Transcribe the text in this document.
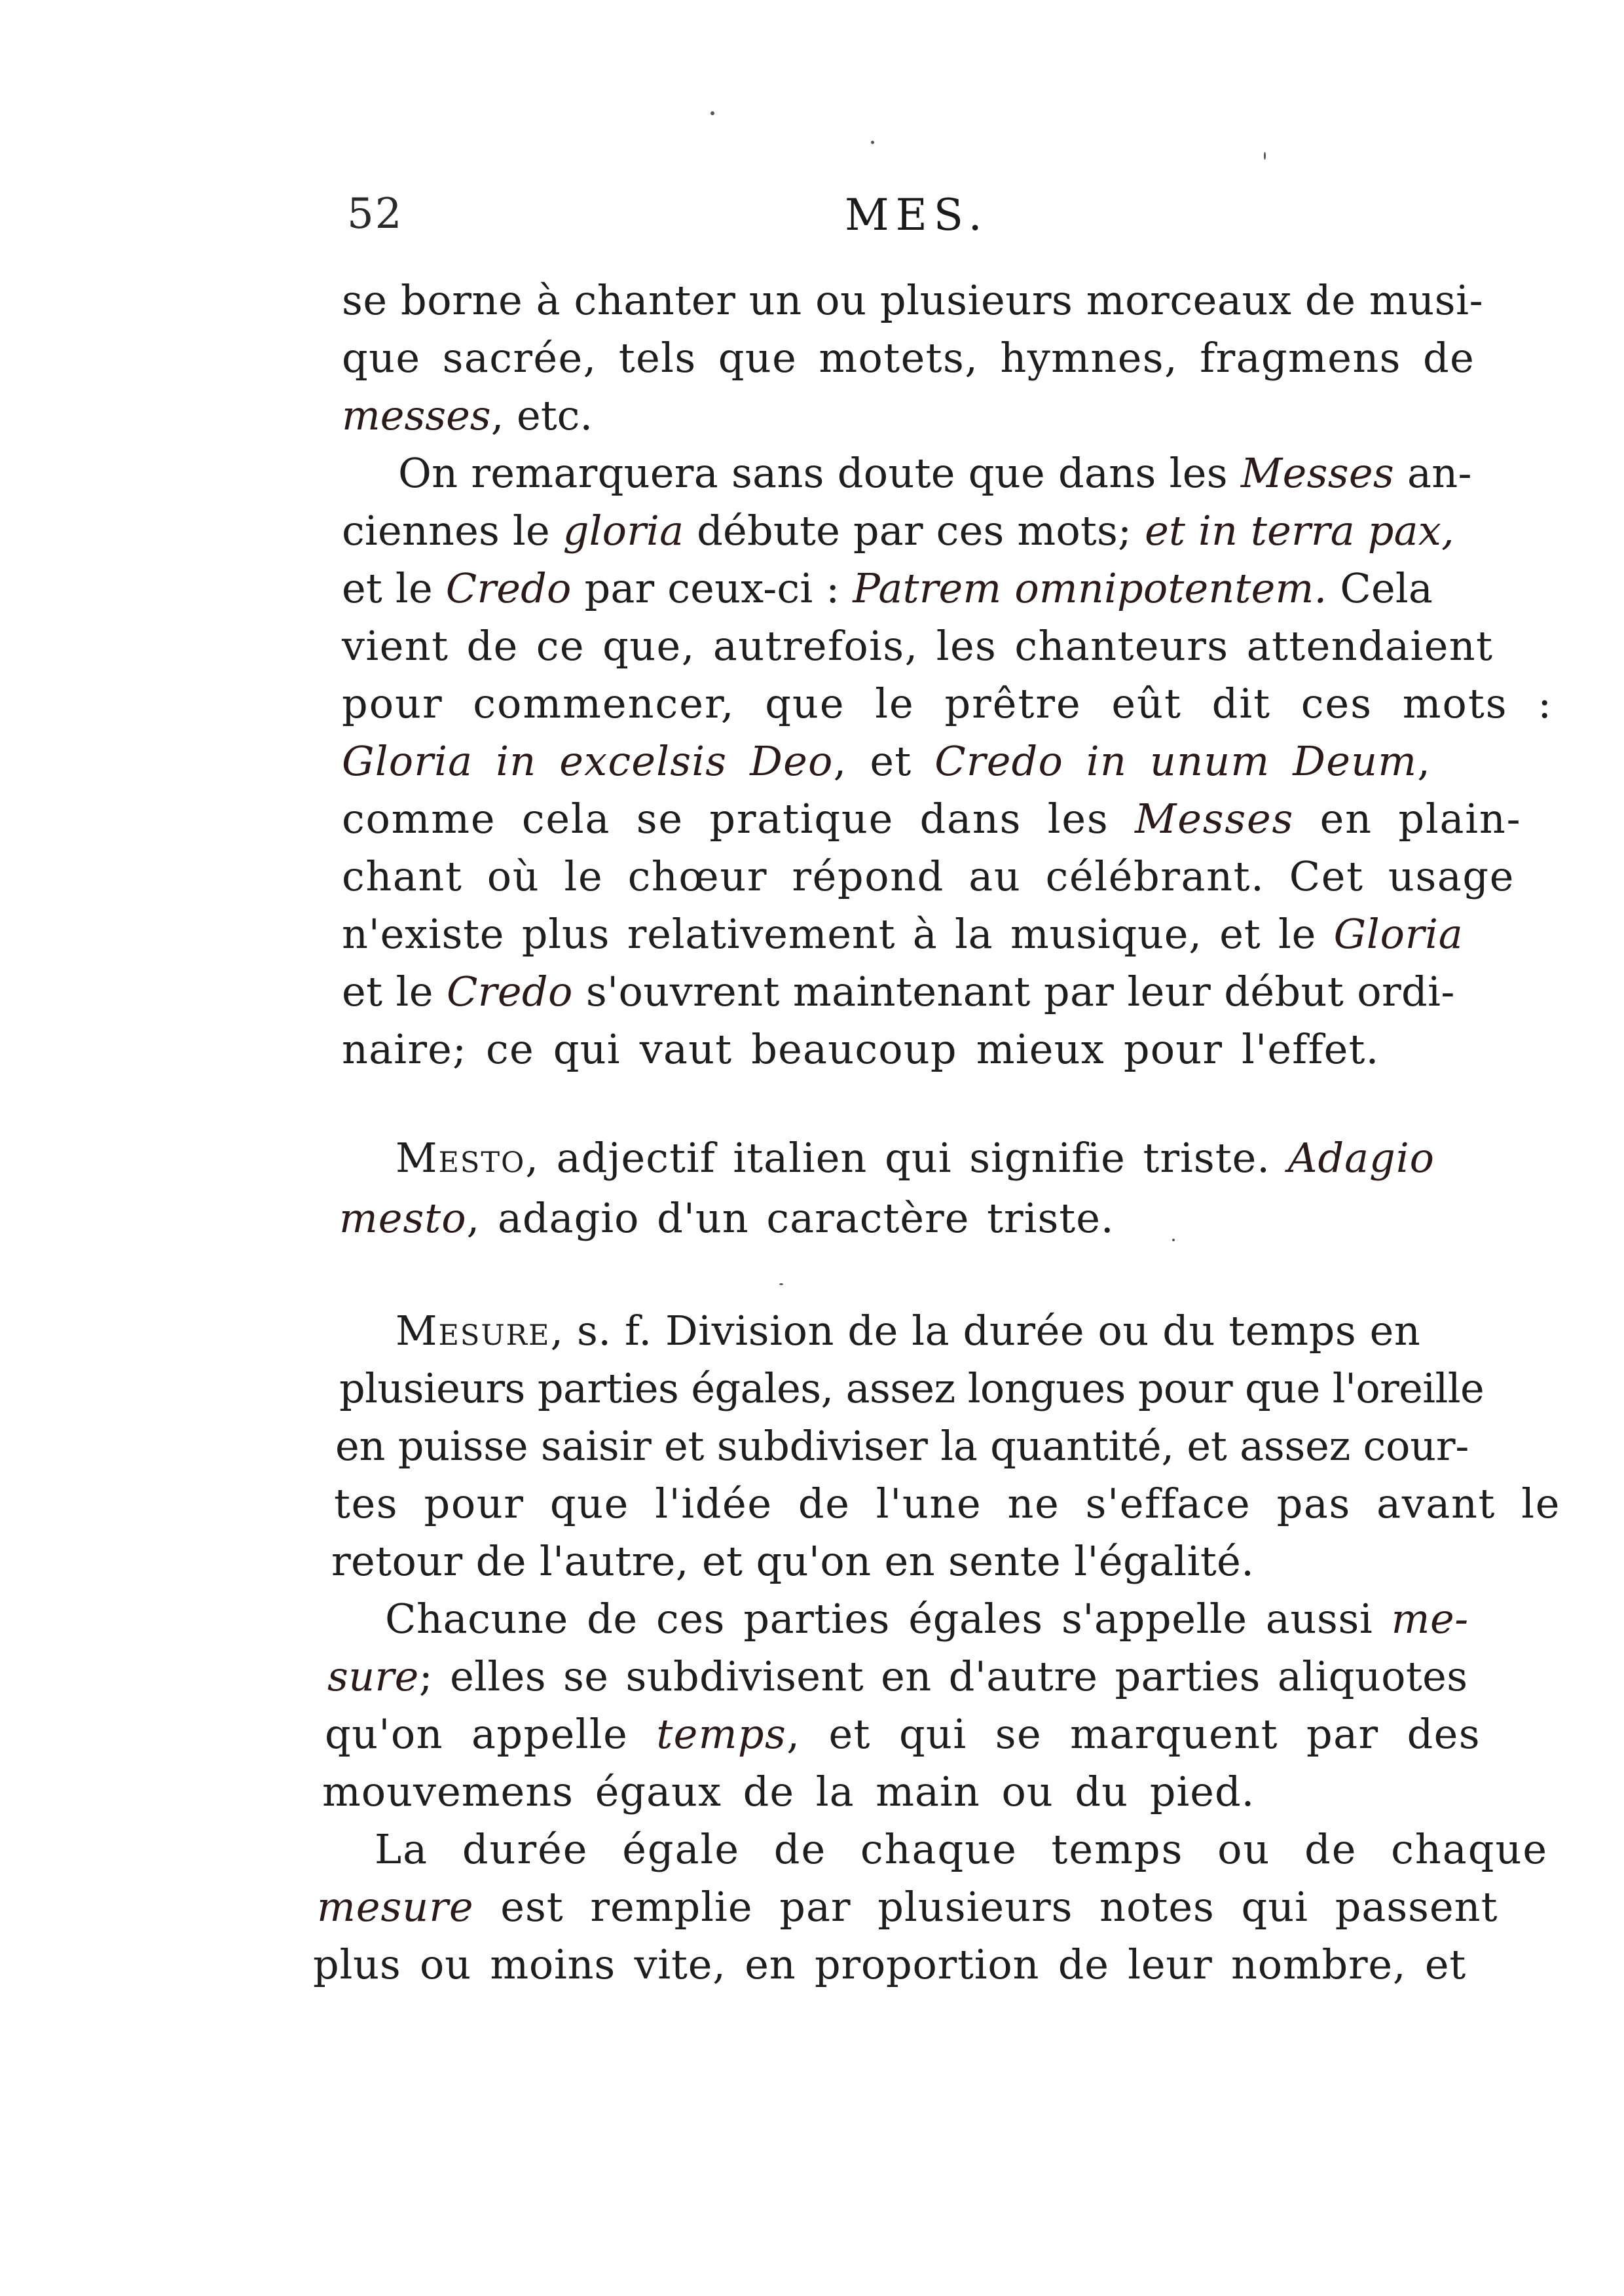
52	MES.
se borne à chanter un ou plusieurs morceaux de musi-
que sacrée, tels que motets, hymnes, fragmens de
messes, etc.
On remarquera sans doute que dans les Messes an-
ciennes le gloria débute par ces mots; et in terra pax,
et le Credo par ceux-ci : Patrem omnipotentem. Cela
vient de ce que, autrefois, les chanteurs attendaient
pour commencer, que le prêtre eût dit ces mots :
Gloria in excelsis Deo, et Credo in unum Deum,
comme cela se pratique dans les Messes en plain-
chant où le chœur répond au célébrant. Cet usage
n'existe plus relativement à la musique, et le Gloria
et le Credo s'ouvrent maintenant par leur début ordi-
naire; ce qui vaut beaucoup mieux pour l'effet.
Mesto, adjectif italien qui signifie triste. Adagio
mesto, adagio d'un caractère triste.
Mesure, s. f. Division de la durée ou du temps en
plusieurs parties égales, assez longues pour que l'oreille
en puisse saisir et subdiviser la quantité, et assez cour-
tes pour que l'idée de l'une ne s'efface pas avant le
retour de l'autre, et qu'on en sente l'égalité.
Chacune de ces parties égales s'appelle aussi me-
sure; elles se subdivisent en d'autre parties aliquotes
qu'on appelle temps, et qui se marquent par des
mouvemens égaux de la main ou du pied.
La durée égale de chaque temps ou de chaque
mesure est remplie par plusieurs notes qui passent
plus ou moins vite, en proportion de leur nombre, et
